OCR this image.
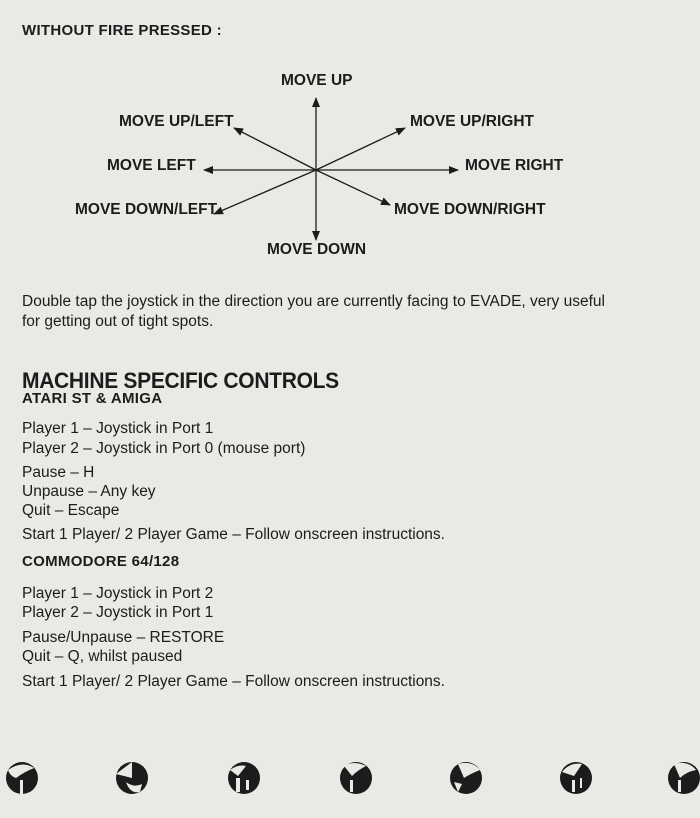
WITHOUT FIRE PRESSED :
MOVE UP
MOVE UP/LEFT	MOVE UP/RIGHT
MOVE LEFT	MOVE RIGHT
MOVE DOWN/LEFT	MOVE DOWN/RIGHT
MOVE DOWN
Double tap the joystick in the direction you are currently facing to EVADE, very useful
for getting out of tight spots.
MACHINE SPECIFIC CONTROLS
ATARI ST & AMIGA
Player 1 – Joystick in Port 1
Player 2 – Joystick in Port 0 (mouse port)
Pause – H
Unpause – Any key
Quit – Escape
Start 1 Player/ 2 Player Game – Follow onscreen instructions.
COMMODORE 64/128
Player 1 – Joystick in Port 2
Player 2 – Joystick in Port 1
Pause/Unpause – RESTORE
Quit – Q, whilst paused
Start 1 Player/ 2 Player Game – Follow onscreen instructions.
